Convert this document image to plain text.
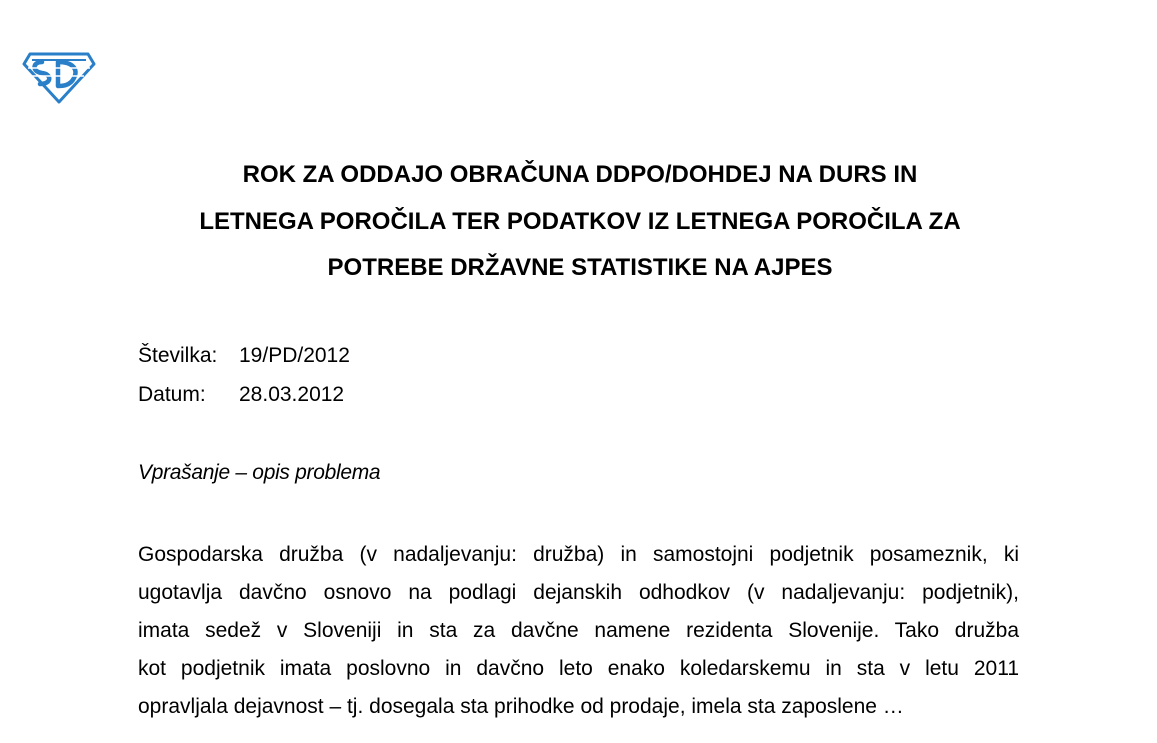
ROK ZA ODDAJO OBRAČUNA DDPO/DOHDEJ NA DURS IN
LETNEGA POROČILA TER PODATKOV IZ LETNEGA POROČILA ZA
POTREBE DRŽAVNE STATISTIKE NA AJPES
Številka:	19/PD/2012
Datum:	28.03.2012
Vprašanje – opis problema
Gospodarska družba (v nadaljevanju: družba) in samostojni podjetnik posameznik, ki
ugotavlja davčno osnovo na podlagi dejanskih odhodkov (v nadaljevanju: podjetnik),
imata sedež v Sloveniji in sta za davčne namene rezidenta Slovenije. Tako družba
kot podjetnik imata poslovno in davčno leto enako koledarskemu in sta v letu 2011
opravljala dejavnost – tj. dosegala sta prihodke od prodaje, imela sta zaposlene …
